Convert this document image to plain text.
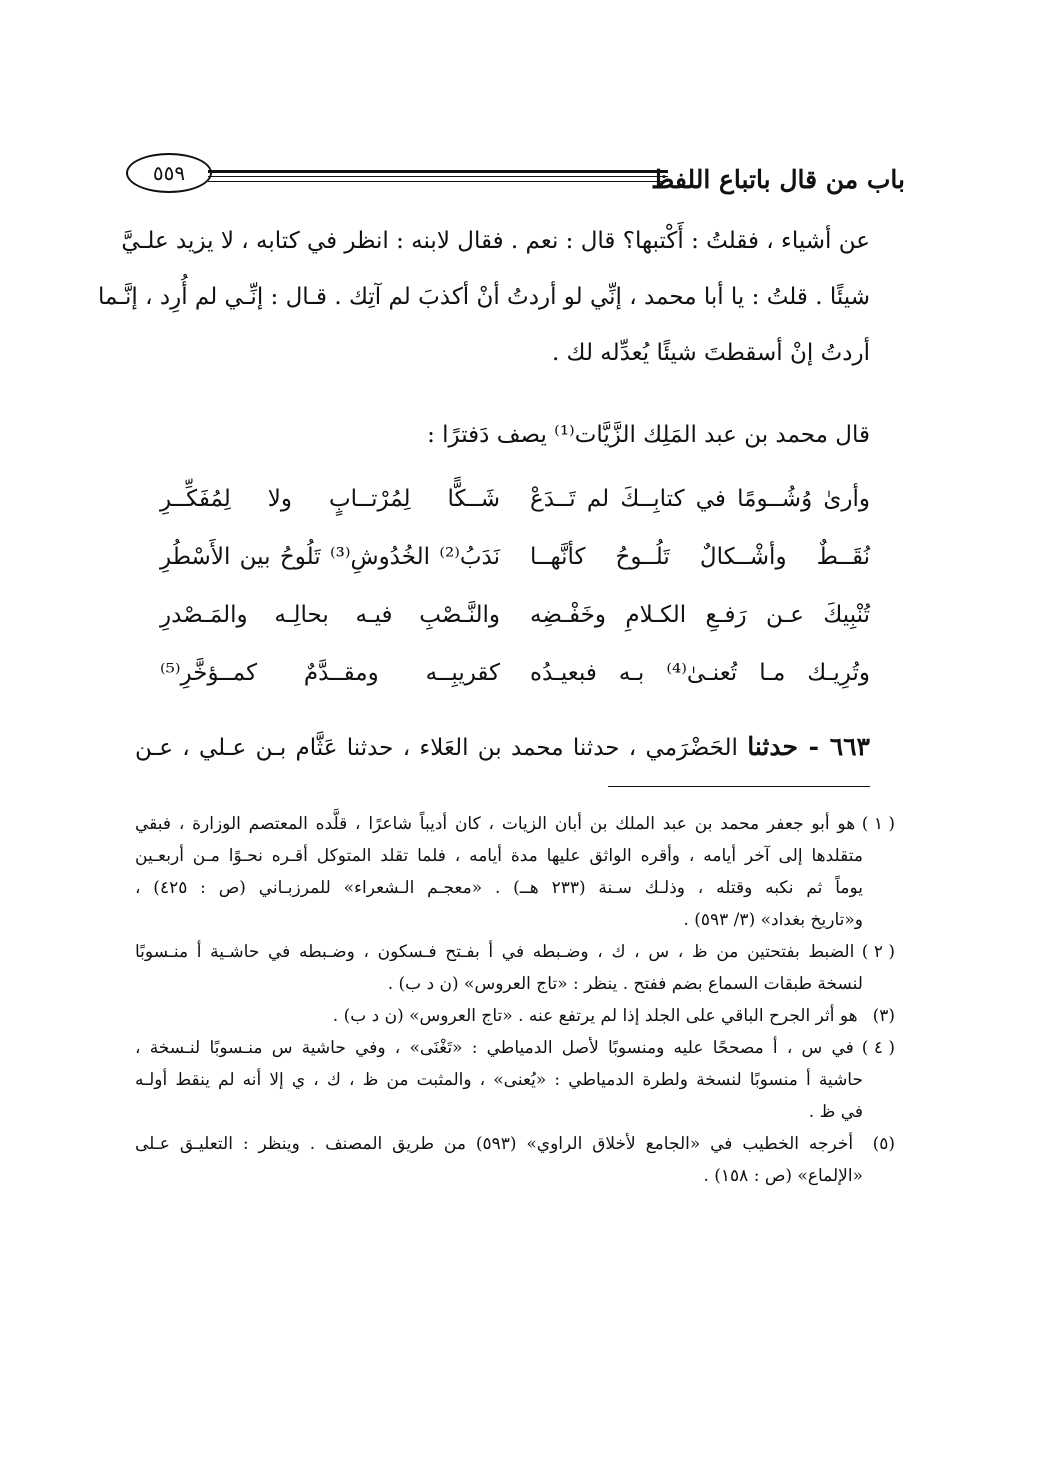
باب من قال باتباع اللفظ
٥٥٩
عن أشياء ، فقلتُ : أَكْتبها؟ قال : نعم . فقال لابنه : انظر في كتابه ، لا يزيد علـيَّ
شيئًا . قلتُ : يا أبا محمد ، إنِّي لو أردتُ أنْ أكذبَ لم آتِك . قـال : إنِّـي لم أُرِد ، إنَّـما
أردتُ إنْ أسقطتَ شيئًا يُعدِّله لك .
قال محمد بن عبد المَلِك الزَّيَّات⁽¹⁾ يصف دَفترًا :
وأرىٰ وُشُــومًا في كتابِــكَ لم تَــدَعْ
شَــكًّا لِمُرْتــابٍ ولا لِمُفَكِّــرِ
نُقَــطٌ وأشْــكالٌ تَلُــوحُ كأنَّهــا
نَدَبُ⁽²⁾ الخُدُوشِ⁽³⁾ تَلُوحُ بين الأَسْطُرِ
تُنْبِيكَ عـن رَفـعِ الكـلامِ وخَفْـضِه
والنَّـصْبِ فيـه بحالِـه والمَـصْدرِ
وتُرِيـك مـا تُعنـىٰ⁽⁴⁾ بـه فبعيـدُه
كقريبِــه ومقــدَّمٌ كمــؤخَّرِ⁽⁵⁾
٦٦٣ - حدثنا الحَضْرَمي ، حدثنا محمد بن العَلاء ، حدثنا عَثَّام بـن عـلي ، عـن
( ١ ) هو أبو جعفر محمد بن عبد الملك بن أبان الزيات ، كان أديباً شاعرًا ، قلَّده المعتصم الوزارة ، فبقي
متقلدها إلى آخر أيامه ، وأقره الواثق عليها مدة أيامه ، فلما تقلد المتوكل أقـره نحـوًا مـن أربعـين
يوماً ثم نكبه وقتله ، وذلـك سـنة (٢٣٣ هــ) . «معجـم الـشعراء» للمرزبـاني (ص : ٤٢٥) ،
و«تاريخ بغداد» (٣/ ٥٩٣) .
( ٢ ) الضبط بفتحتين من ظ ، س ، ك ، وضـبطه في أ بفـتح فـسكون ، وضـبطه في حاشـية أ منـسوبًا
لنسخة طبقات السماع بضم ففتح . ينظر : «تاج العروس» (ن د ب) .
(٣) هو أثر الجرح الباقي على الجلد إذا لم يرتفع عنه . «تاج العروس» (ن د ب) .
( ٤ ) في س ، أ مصححًا عليه ومنسوبًا لأصل الدمياطي : «تَغْنَى» ، وفي حاشية س منـسوبًا لنـسخة ،
حاشية أ منسوبًا لنسخة ولطرة الدمياطي : «يُعنى» ، والمثبت من ظ ، ك ، ي إلا أنه لم ينقط أولـه
في ظ .
(٥) أخرجه الخطيب في «الجامع لأخلاق الراوي» (٥٩٣) من طريق المصنف . وينظر : التعليـق عـلى
«الإلماع» (ص : ١٥٨) .
